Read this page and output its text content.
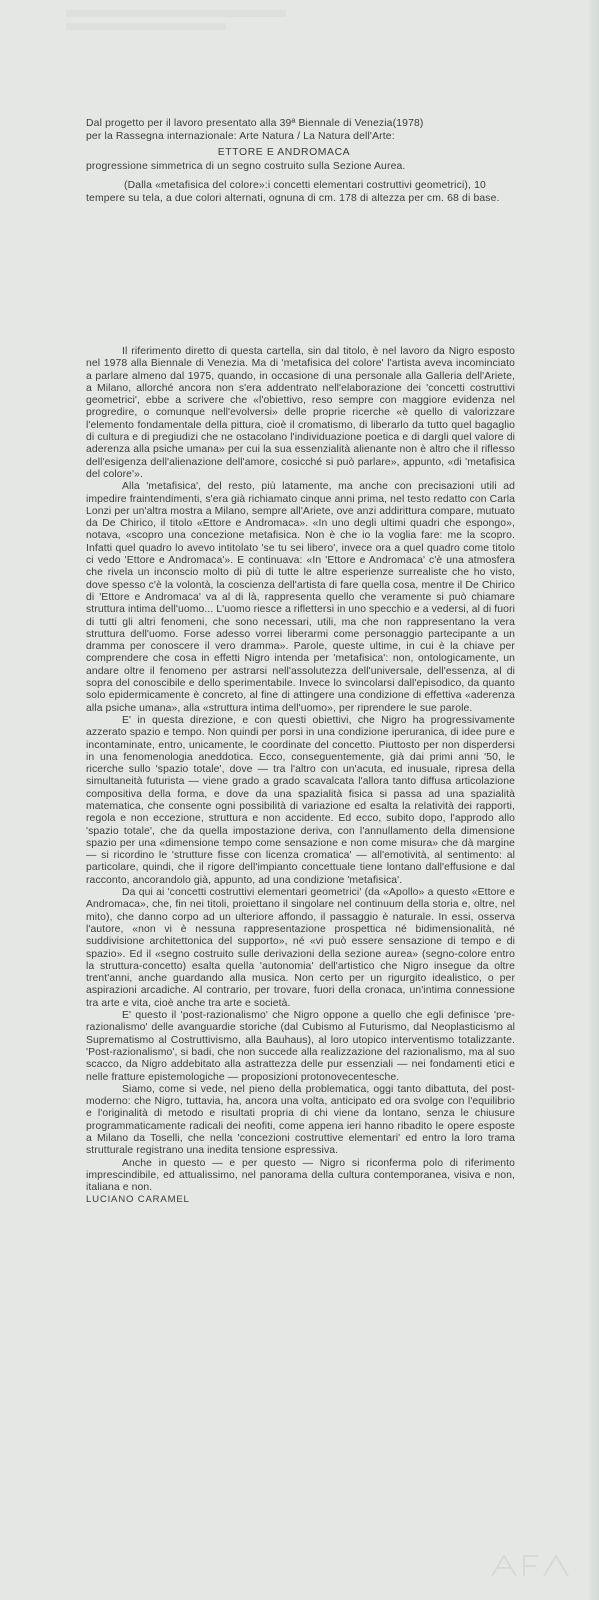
Dal progetto per il lavoro presentato alla 39ª Biennale di Venezia(1978)

per la Rassegna internazionale: Arte Natura / La Natura dell'Arte:

ETTORE E ANDROMACA

progressione simmetrica di un segno costruito sulla Sezione Aurea.

(Dalla «metafisica del colore»:i concetti elementari costruttivi geometrici), 10 tempere su tela, a due colori alternati, ognuna di cm. 178 di altezza per cm. 68 di base.

Il riferimento diretto di questa cartella, sin dal titolo, è nel lavoro da Nigro esposto nel 1978 alla Biennale di Venezia. Ma di 'metafisica del colore' l'artista aveva incominciato a parlare almeno dal 1975, quando, in occasione di una personale alla Galleria dell'Ariete, a Milano, allorché ancora non s'era addentrato nell'elaborazione dei 'concetti costruttivi geometrici', ebbe a scrivere che «l'obiettivo, reso sempre con maggiore evidenza nel progredire, o comunque nell'evolversi» delle proprie ricerche «è quello di valorizzare l'elemento fondamentale della pittura, cioè il cromatismo, di liberarlo da tutto quel bagaglio di cultura e di pregiudizi che ne ostacolano l'individuazione poetica e di dargli quel valore di aderenza alla psiche umana» per cui la sua essenzialità alienante non è altro che il riflesso dell'esigenza dell'alienazione dell'amore, cosicché si può parlare», appunto, «di 'metafisica del colore'».

Alla 'metafisica', del resto, più latamente, ma anche con precisazioni utili ad impedire fraintendimenti, s'era già richiamato cinque anni prima, nel testo redatto con Carla Lonzi per un'altra mostra a Milano, sempre all'Ariete, ove anzi addirittura compare, mutuato da De Chirico, il titolo «Ettore e Andromaca». «In uno degli ultimi quadri che espongo», notava, «scopro una concezione metafisica. Non è che io la voglia fare: me la scopro. Infatti quel quadro lo avevo intitolato 'se tu sei libero', invece ora a quel quadro come titolo ci vedo 'Ettore e Andromaca'». E continuava: «In 'Ettore e Andromaca' c'è una atmosfera che rivela un inconscio molto di più di tutte le altre esperienze surrealiste che ho visto, dove spesso c'è la volontà, la coscienza dell'artista di fare quella cosa, mentre il De Chirico di 'Ettore e Andromaca' va al di là, rappresenta quello che veramente si può chiamare struttura intima dell'uomo... L'uomo riesce a riflettersi in uno specchio e a vedersi, al di fuori di tutti gli altri fenomeni, che sono necessari, utili, ma che non rappresentano la vera struttura dell'uomo. Forse adesso vorrei liberarmi come personaggio partecipante a un dramma per conoscere il vero dramma». Parole, queste ultime, in cui è la chiave per comprendere che cosa in effetti Nigro intenda per 'metafisica': non, ontologicamente, un andare oltre il fenomeno per astrarsi nell'assolutezza dell'universale, dell'essenza, al di sopra del conoscibile e dello sperimentabile. Invece lo svincolarsi dall'episodico, da quanto solo epidermicamente è concreto, al fine di attingere una condizione di effettiva «aderenza alla psiche umana», alla «struttura intima dell'uomo», per riprendere le sue parole.

E' in questa direzione, e con questi obiettivi, che Nigro ha progressivamente azzerato spazio e tempo. Non quindi per porsi in una condizione iperuranica, di idee pure e incontaminate, entro, unicamente, le coordinate del concetto. Piuttosto per non disperdersi in una fenomenologia aneddotica. Ecco, conseguentemente, già dai primi anni '50, le ricerche sullo 'spazio totale', dove — tra l'altro con un'acuta, ed inusuale, ripresa della simultaneità futurista — viene grado a grado scavalcata l'allora tanto diffusa articolazione compositiva della forma, e dove da una spazialità fisica si passa ad una spazialità matematica, che consente ogni possibilità di variazione ed esalta la relatività dei rapporti, regola e non eccezione, struttura e non accidente. Ed ecco, subito dopo, l'approdo allo 'spazio totale', che da quella impostazione deriva, con l'annullamento della dimensione spazio per una «dimensione tempo come sensazione e non come misura» che dà margine — si ricordino le 'strutture fisse con licenza cromatica' — all'emotività, al sentimento: al particolare, quindi, che il rigore dell'impianto concettuale tiene lontano dall'effusione e dal racconto, ancorandolo già, appunto, ad una condizione 'metafisica'.

Da qui ai 'concetti costruttivi elementari geometrici' (da «Apollo» a questo «Ettore e Andromaca», che, fin nei titoli, proiettano il singolare nel continuum della storia e, oltre, nel mito), che danno corpo ad un ulteriore affondo, il passaggio è naturale. In essi, osserva l'autore, «non vi è nessuna rappresentazione prospettica né bidimensionalità, né suddivisione architettonica del supporto», né «vi può essere sensazione di tempo e di spazio». Ed il «segno costruito sulle derivazioni della sezione aurea» (segno-colore entro la struttura-concetto) esalta quella 'autonomia' dell'artistico che Nigro insegue da oltre trent'anni, anche guardando alla musica. Non certo per un rigurgito idealistico, o per aspirazioni arcadiche. Al contrario, per trovare, fuori della cronaca, un'intima connessione tra arte e vita, cioè anche tra arte e società.

E' questo il 'post-razionalismo' che Nigro oppone a quello che egli definisce 'pre-razionalismo' delle avanguardie storiche (dal Cubismo al Futurismo, dal Neoplasticismo al Suprematismo al Costruttivismo, alla Bauhaus), al loro utopico interventismo totalizzante. 'Post-razionalismo', si badi, che non succede alla realizzazione del razionalismo, ma al suo scacco, da Nigro addebitato alla astrattezza delle pur essenziali — nei fondamenti etici e nelle fratture epistemologiche — proposizioni protonovecentesche.

Siamo, come si vede, nel pieno della problematica, oggi tanto dibattuta, del post-moderno: che Nigro, tuttavia, ha, ancora una volta, anticipato ed ora svolge con l'equilibrio e l'originalità di metodo e risultati propria di chi viene da lontano, senza le chiusure programmaticamente radicali dei neofiti, come appena ieri hanno ribadito le opere esposte a Milano da Toselli, che nella 'concezioni costruttive elementari' ed entro la loro trama strutturale registrano una inedita tensione espressiva.

Anche in questo — e per questo — Nigro si riconferma polo di riferimento imprescindibile, ed attualissimo, nel panorama della cultura contemporanea, visiva e non, italiana e non.

LUCIANO CARAMEL
